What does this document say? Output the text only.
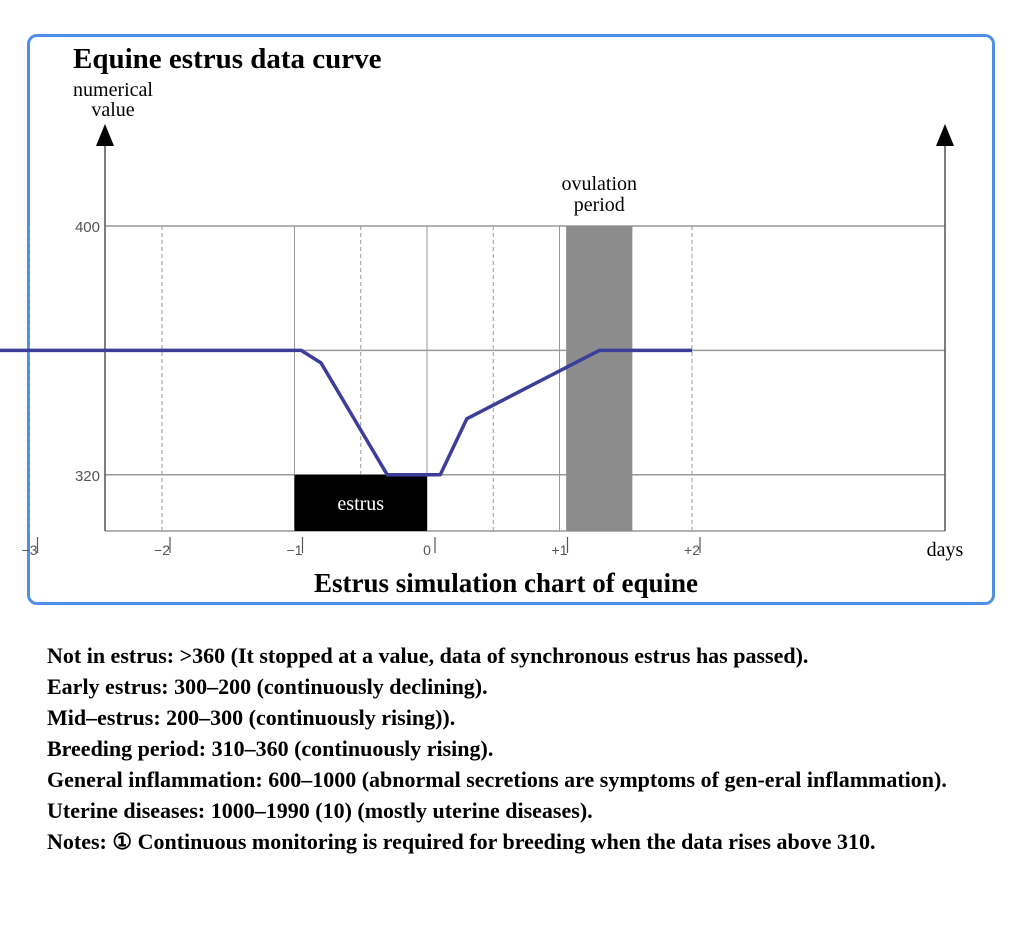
Equine estrus data curve
Estrus simulation chart of equine
days
numerical value
estrus
ovulation period
−3	−2	−1	0	+1	+2
320
400
Not in estrus: >360 (It stopped at a value, data of synchronous estrus has passed).
Early estrus: 300–200 (continuously declining).
Mid–estrus: 200–300 (continuously rising)).
Breeding period: 310–360 (continuously rising).
General inflammation: 600–1000 (abnormal secretions are symptoms of gen-eral inflammation).
Uterine diseases: 1000–1990 (10) (mostly uterine diseases).
Notes: ① Continuous monitoring is required for breeding when the data rises above 310.
